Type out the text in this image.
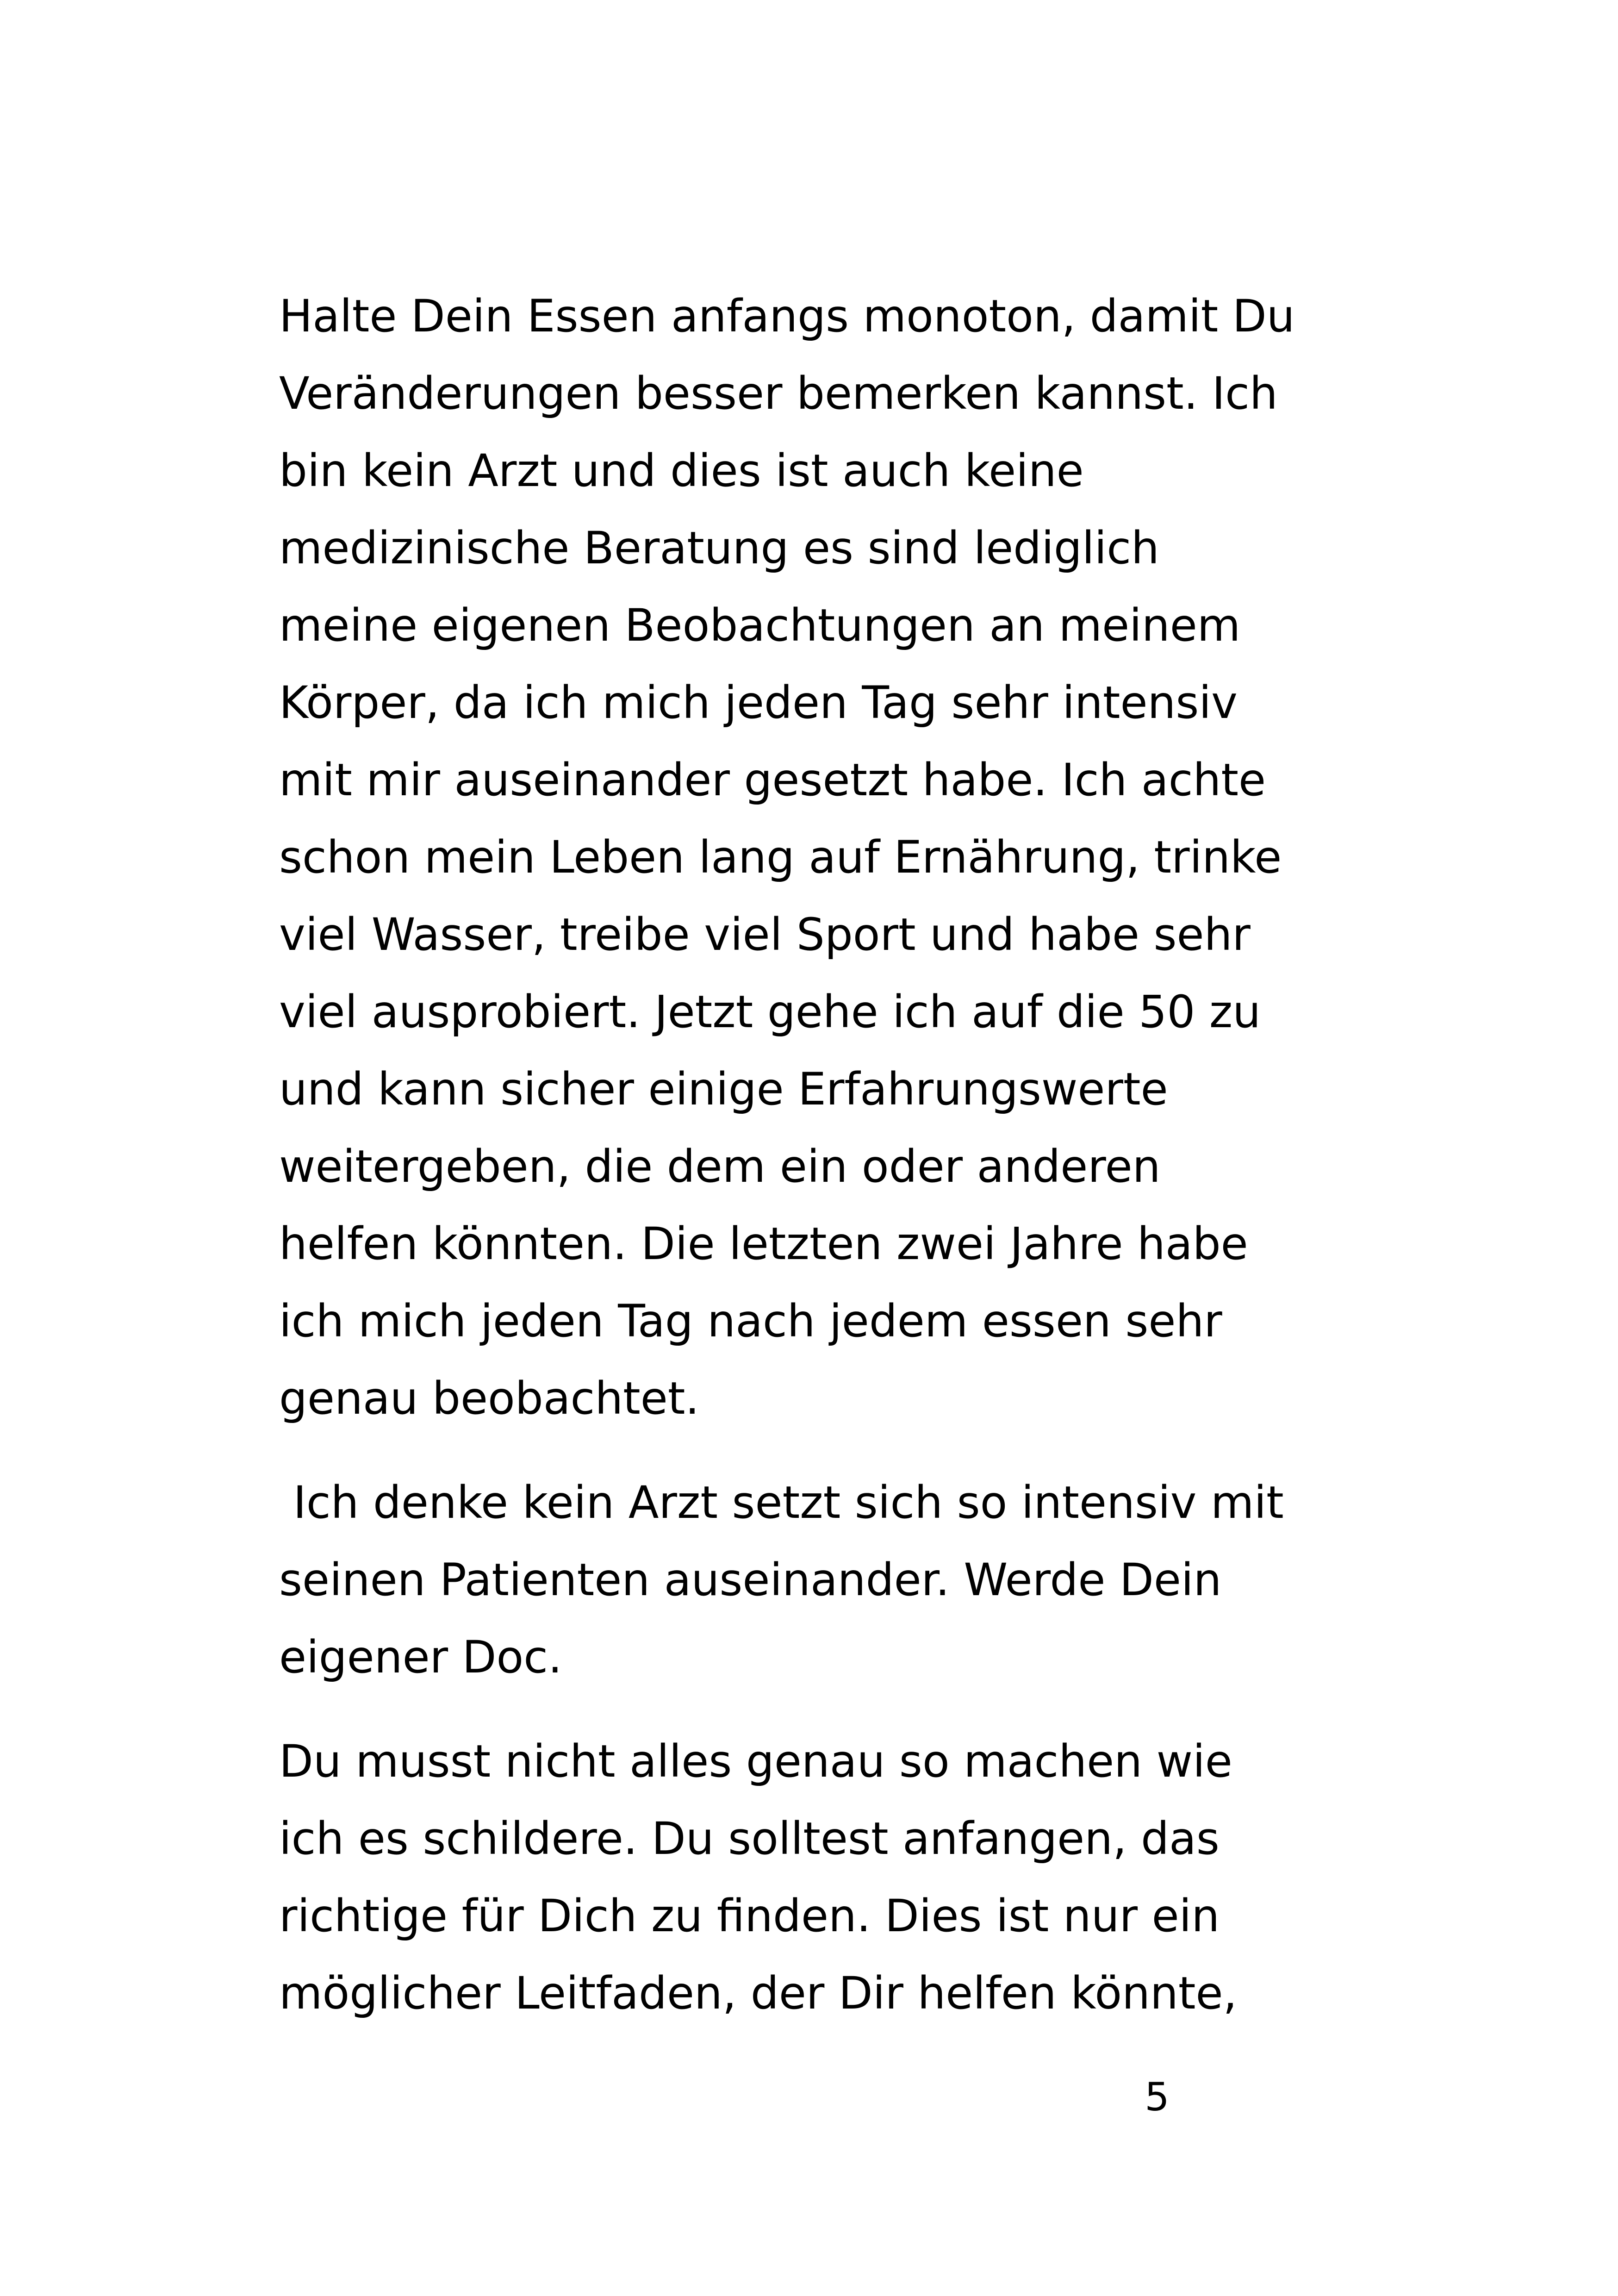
Halte Dein Essen anfangs monoton, damit Du
Veränderungen besser bemerken kannst. Ich
bin kein Arzt und dies ist auch keine
medizinische Beratung es sind lediglich
meine eigenen Beobachtungen an meinem
Körper, da ich mich jeden Tag sehr intensiv
mit mir auseinander gesetzt habe. Ich achte
schon mein Leben lang auf Ernährung, trinke
viel Wasser, treibe viel Sport und habe sehr
viel ausprobiert. Jetzt gehe ich auf die 50 zu
und kann sicher einige Erfahrungswerte
weitergeben, die dem ein oder anderen
helfen könnten. Die letzten zwei Jahre habe
ich mich jeden Tag nach jedem essen sehr
genau beobachtet.
Ich denke kein Arzt setzt sich so intensiv mit
seinen Patienten auseinander. Werde Dein
eigener Doc.
Du musst nicht alles genau so machen wie
ich es schildere. Du solltest anfangen, das
richtige für Dich zu finden. Dies ist nur ein
möglicher Leitfaden, der Dir helfen könnte,
5
